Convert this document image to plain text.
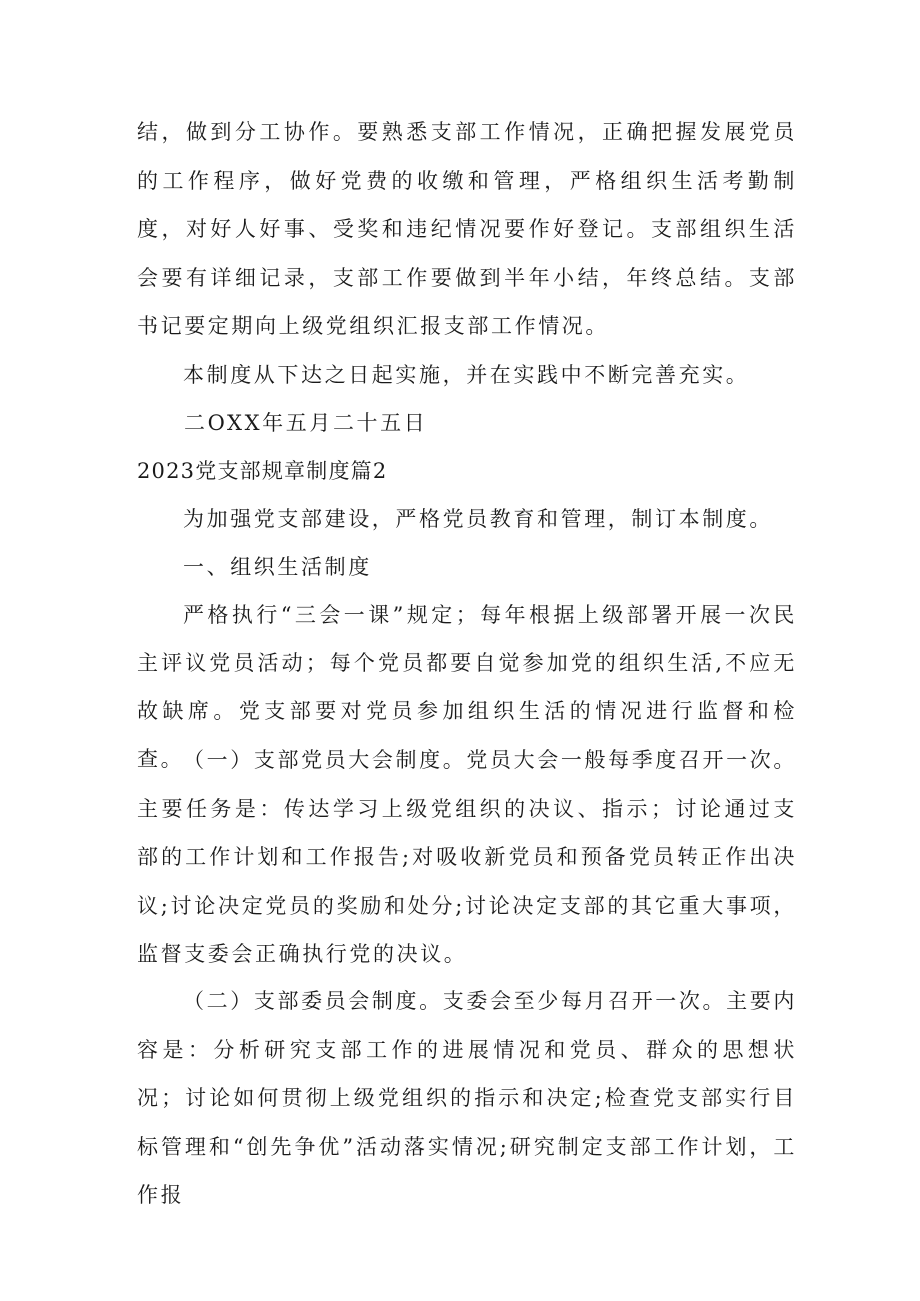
结，做到分工协作。要熟悉支部工作情况，正确把握发展党员的工作程序，做好党费的收缴和管理，严格组织生活考勤制度，对好人好事、受奖和违纪情况要作好登记。支部组织生活会要有详细记录，支部工作要做到半年小结，年终总结。支部书记要定期向上级党组织汇报支部工作情况。

本制度从下达之日起实施，并在实践中不断完善充实。

二OXX年五月二十五日

2023党支部规章制度篇2

为加强党支部建设，严格党员教育和管理，制订本制度。

一、组织生活制度

严格执行“三会一课”规定；每年根据上级部署开展一次民主评议党员活动；每个党员都要自觉参加党的组织生活,不应无故缺席。党支部要对党员参加组织生活的情况进行监督和检查。

（一）支部党员大会制度。党员大会一般每季度召开一次。主要任务是：传达学习上级党组织的决议、指示；讨论通过支部的工作计划和工作报告;对吸收新党员和预备党员转正作出决议;讨论决定党员的奖励和处分;讨论决定支部的其它重大事项，监督支委会正确执行党的决议。

（二）支部委员会制度。支委会至少每月召开一次。主要内容是：分析研究支部工作的进展情况和党员、群众的思想状况；讨论如何贯彻上级党组织的指示和决定;检查党支部实行目标管理和“创先争优”活动落实情况;研究制定支部工作计划，工作报
